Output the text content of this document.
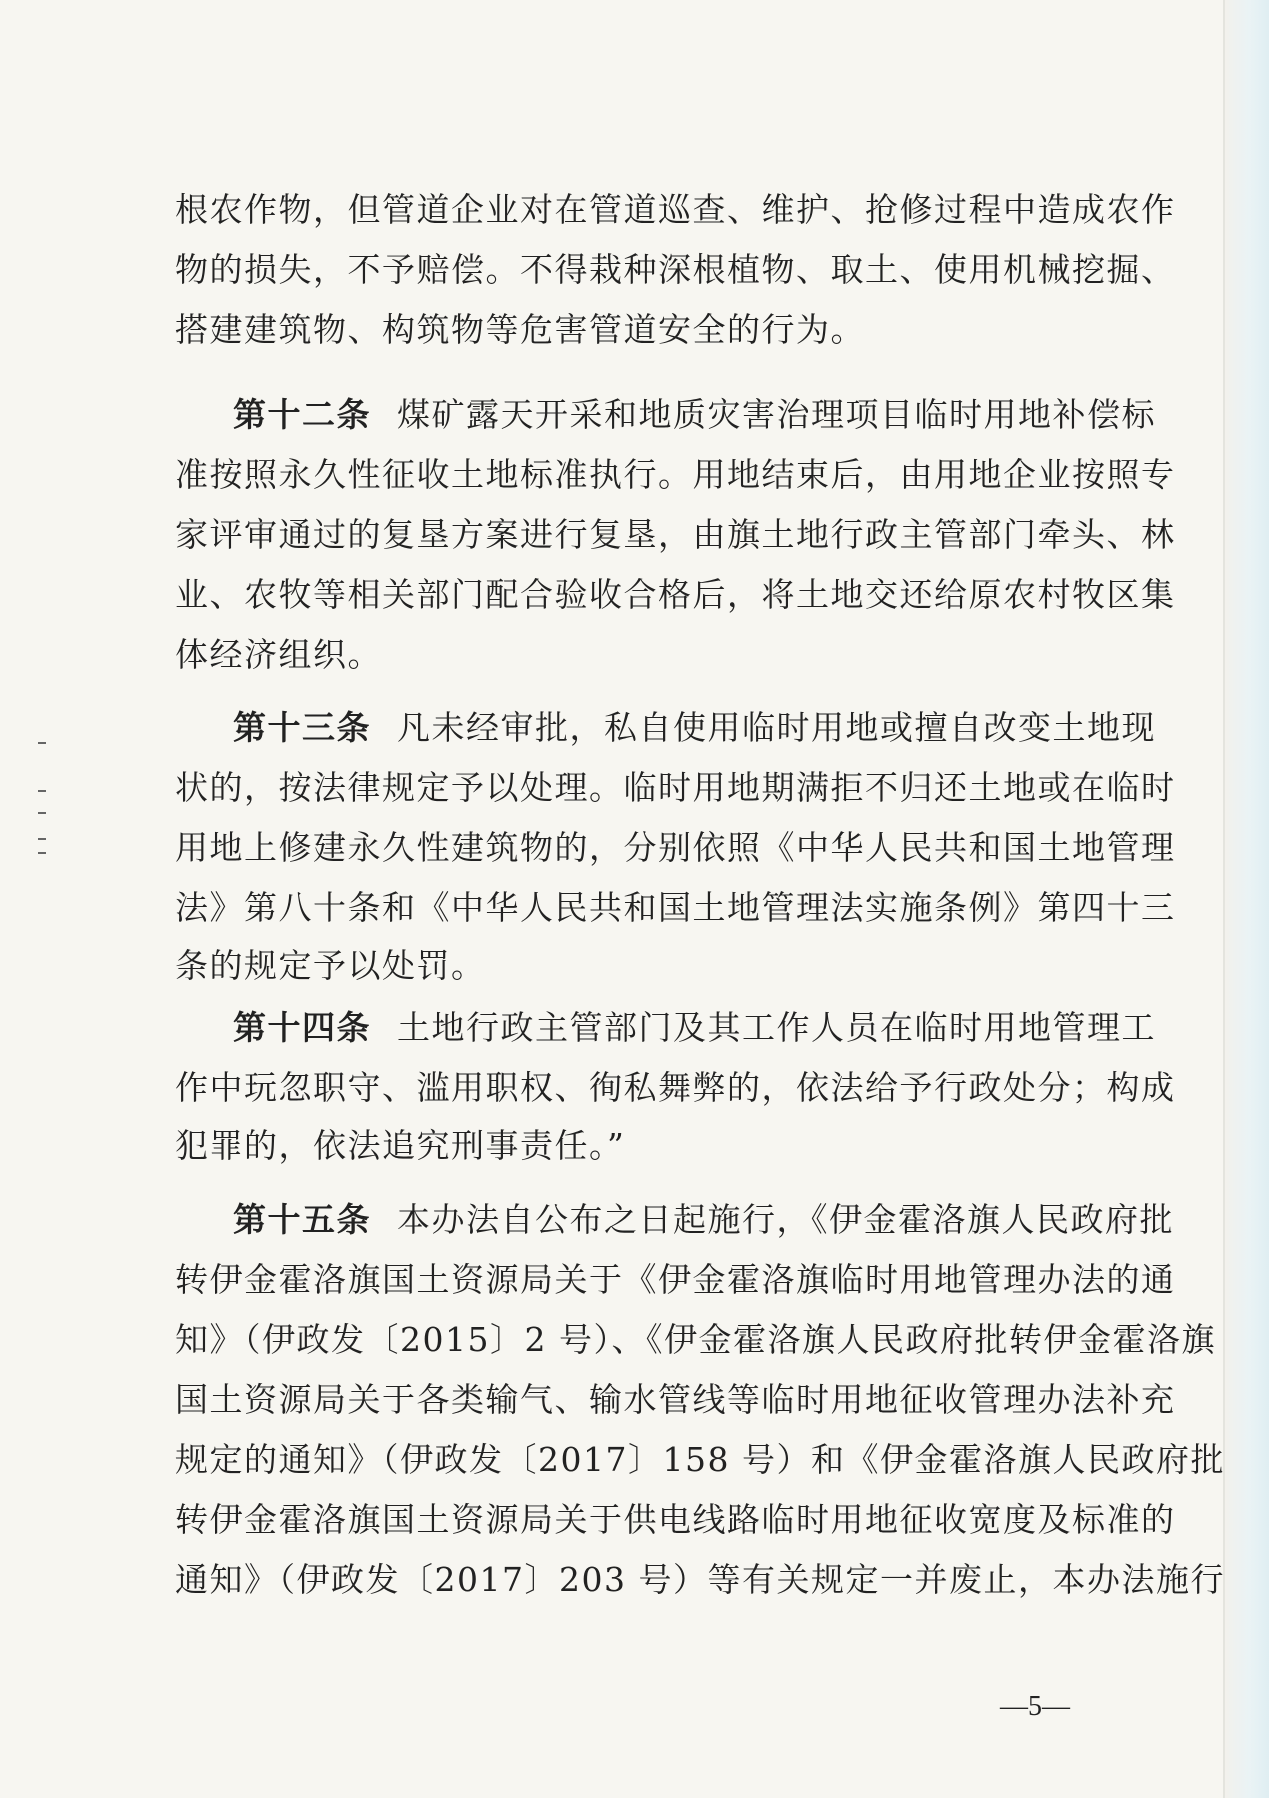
根农作物，但管道企业对在管道巡查、维护、抢修过程中造成农作
物的损失，不予赔偿。不得栽种深根植物、取土、使用机械挖掘、
搭建建筑物、构筑物等危害管道安全的行为。
第十二条 煤矿露天开采和地质灾害治理项目临时用地补偿标
准按照永久性征收土地标准执行。用地结束后，由用地企业按照专
家评审通过的复垦方案进行复垦，由旗土地行政主管部门牵头、林
业、农牧等相关部门配合验收合格后，将土地交还给原农村牧区集
体经济组织。
第十三条 凡未经审批，私自使用临时用地或擅自改变土地现
状的，按法律规定予以处理。临时用地期满拒不归还土地或在临时
用地上修建永久性建筑物的，分别依照《中华人民共和国土地管理
法》第八十条和《中华人民共和国土地管理法实施条例》第四十三
条的规定予以处罚。
第十四条 土地行政主管部门及其工作人员在临时用地管理工
作中玩忽职守、滥用职权、徇私舞弊的，依法给予行政处分；构成
犯罪的，依法追究刑事责任。”
第十五条 本办法自公布之日起施行，《伊金霍洛旗人民政府批
转伊金霍洛旗国土资源局关于《伊金霍洛旗临时用地管理办法的通
知》（伊政发〔2015〕2 号）、《伊金霍洛旗人民政府批转伊金霍洛旗
国土资源局关于各类输气、输水管线等临时用地征收管理办法补充
规定的通知》（伊政发〔2017〕158 号）和《伊金霍洛旗人民政府批
转伊金霍洛旗国土资源局关于供电线路临时用地征收宽度及标准的
通知》（伊政发〔2017〕203 号）等有关规定一并废止，本办法施行
—5—
